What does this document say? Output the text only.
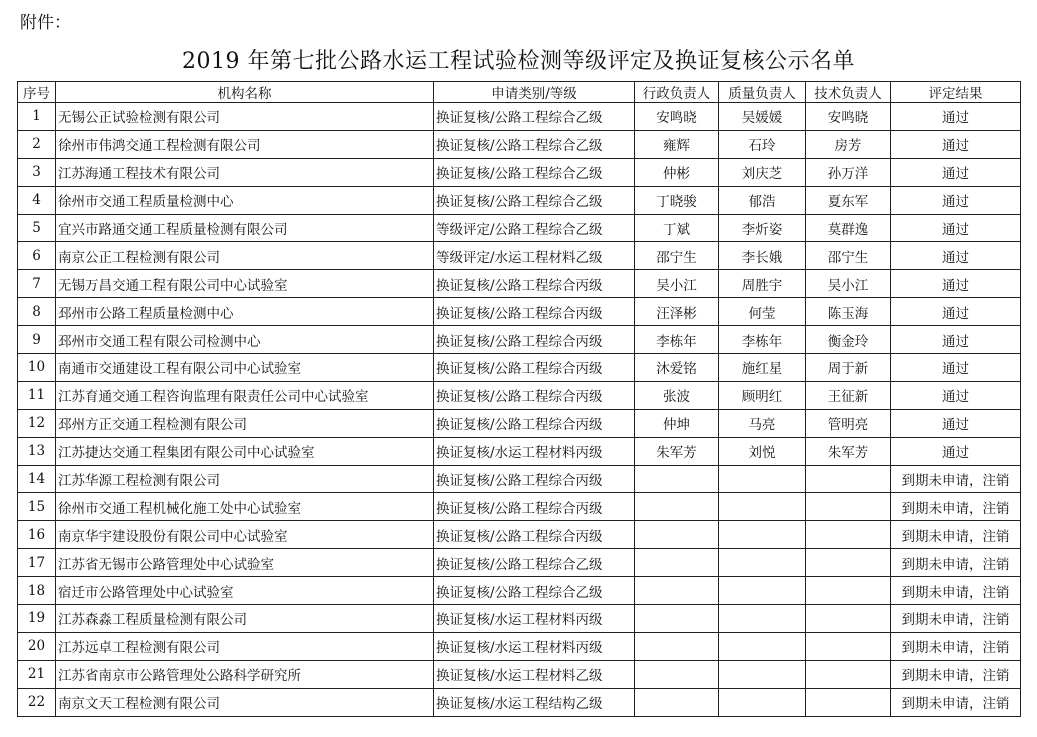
附件：
2019 年第七批公路水运工程试验检测等级评定及换证复核公示名单
序号	机构名称	申请类别/等级	行政负责人	质量负责人	技术负责人	评定结果
1	无锡公正试验检测有限公司	换证复核/公路工程综合乙级	安鸣晓	吴媛媛	安鸣晓	通过
2	徐州市伟鸿交通工程检测有限公司	换证复核/公路工程综合乙级	雍辉	石玲	房芳	通过
3	江苏海通工程技术有限公司	换证复核/公路工程综合乙级	仲彬	刘庆芝	孙万洋	通过
4	徐州市交通工程质量检测中心	换证复核/公路工程综合乙级	丁晓骏	郁浩	夏东军	通过
5	宜兴市路通交通工程质量检测有限公司	等级评定/公路工程综合乙级	丁斌	李炘姿	莫群逸	通过
6	南京公正工程检测有限公司	等级评定/水运工程材料乙级	邵宁生	李长娥	邵宁生	通过
7	无锡万昌交通工程有限公司中心试验室	换证复核/公路工程综合丙级	吴小江	周胜宇	吴小江	通过
8	邳州市公路工程质量检测中心	换证复核/公路工程综合丙级	汪泽彬	何莹	陈玉海	通过
9	邳州市交通工程有限公司检测中心	换证复核/公路工程综合丙级	李栋年	李栋年	衡金玲	通过
10	南通市交通建设工程有限公司中心试验室	换证复核/公路工程综合丙级	沐爱铭	施红星	周于新	通过
11	江苏育通交通工程咨询监理有限责任公司中心试验室	换证复核/公路工程综合丙级	张波	顾明红	王征新	通过
12	邳州方正交通工程检测有限公司	换证复核/公路工程综合丙级	仲坤	马亮	管明亮	通过
13	江苏捷达交通工程集团有限公司中心试验室	换证复核/水运工程材料丙级	朱军芳	刘悦	朱军芳	通过
14	江苏华源工程检测有限公司	换证复核/公路工程综合丙级				到期未申请，注销
15	徐州市交通工程机械化施工处中心试验室	换证复核/公路工程综合丙级				到期未申请，注销
16	南京华宇建设股份有限公司中心试验室	换证复核/公路工程综合丙级				到期未申请，注销
17	江苏省无锡市公路管理处中心试验室	换证复核/公路工程综合乙级				到期未申请，注销
18	宿迁市公路管理处中心试验室	换证复核/公路工程综合乙级				到期未申请，注销
19	江苏森淼工程质量检测有限公司	换证复核/水运工程材料丙级				到期未申请，注销
20	江苏远卓工程检测有限公司	换证复核/水运工程材料丙级				到期未申请，注销
21	江苏省南京市公路管理处公路科学研究所	换证复核/水运工程材料乙级				到期未申请，注销
22	南京文天工程检测有限公司	换证复核/水运工程结构乙级				到期未申请，注销
